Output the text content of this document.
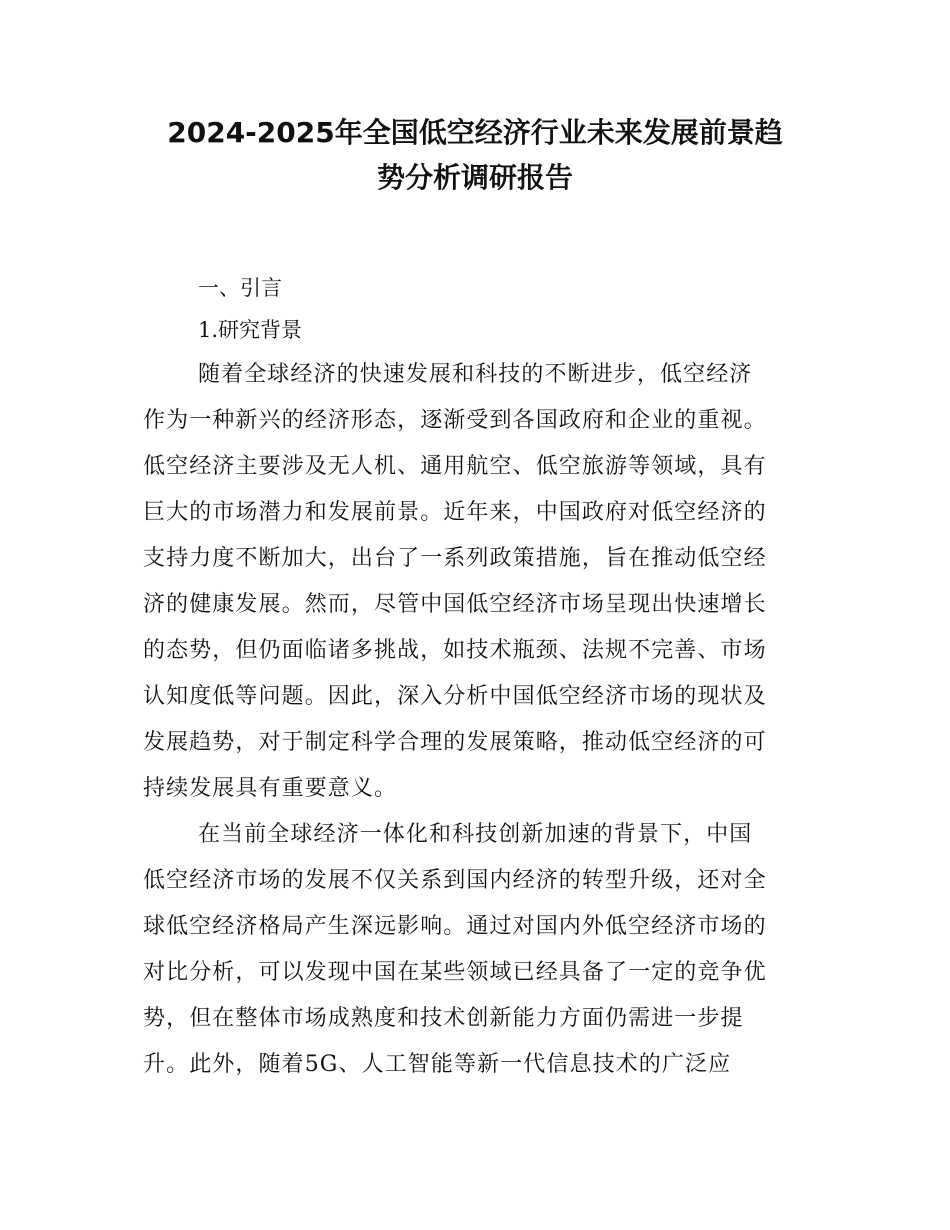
2024-2025年全国低空经济行业未来发展前景趋
势分析调研报告
一、引言
1.研究背景

随着全球经济的快速发展和科技的不断进步，低空经济
作为一种新兴的经济形态，逐渐受到各国政府和企业的重视。
低空经济主要涉及无人机、通用航空、低空旅游等领域，具有
巨大的市场潜力和发展前景。近年来，中国政府对低空经济的
支持力度不断加大，出台了一系列政策措施，旨在推动低空经
济的健康发展。然而，尽管中国低空经济市场呈现出快速增长
的态势，但仍面临诸多挑战，如技术瓶颈、法规不完善、市场
认知度低等问题。因此，深入分析中国低空经济市场的现状及
发展趋势，对于制定科学合理的发展策略，推动低空经济的可
持续发展具有重要意义。

在当前全球经济一体化和科技创新加速的背景下，中国
低空经济市场的发展不仅关系到国内经济的转型升级，还对全
球低空经济格局产生深远影响。通过对国内外低空经济市场的
对比分析，可以发现中国在某些领域已经具备了一定的竞争优
势，但在整体市场成熟度和技术创新能力方面仍需进一步提
升。此外，随着5G、人工智能等新一代信息技术的广泛应
